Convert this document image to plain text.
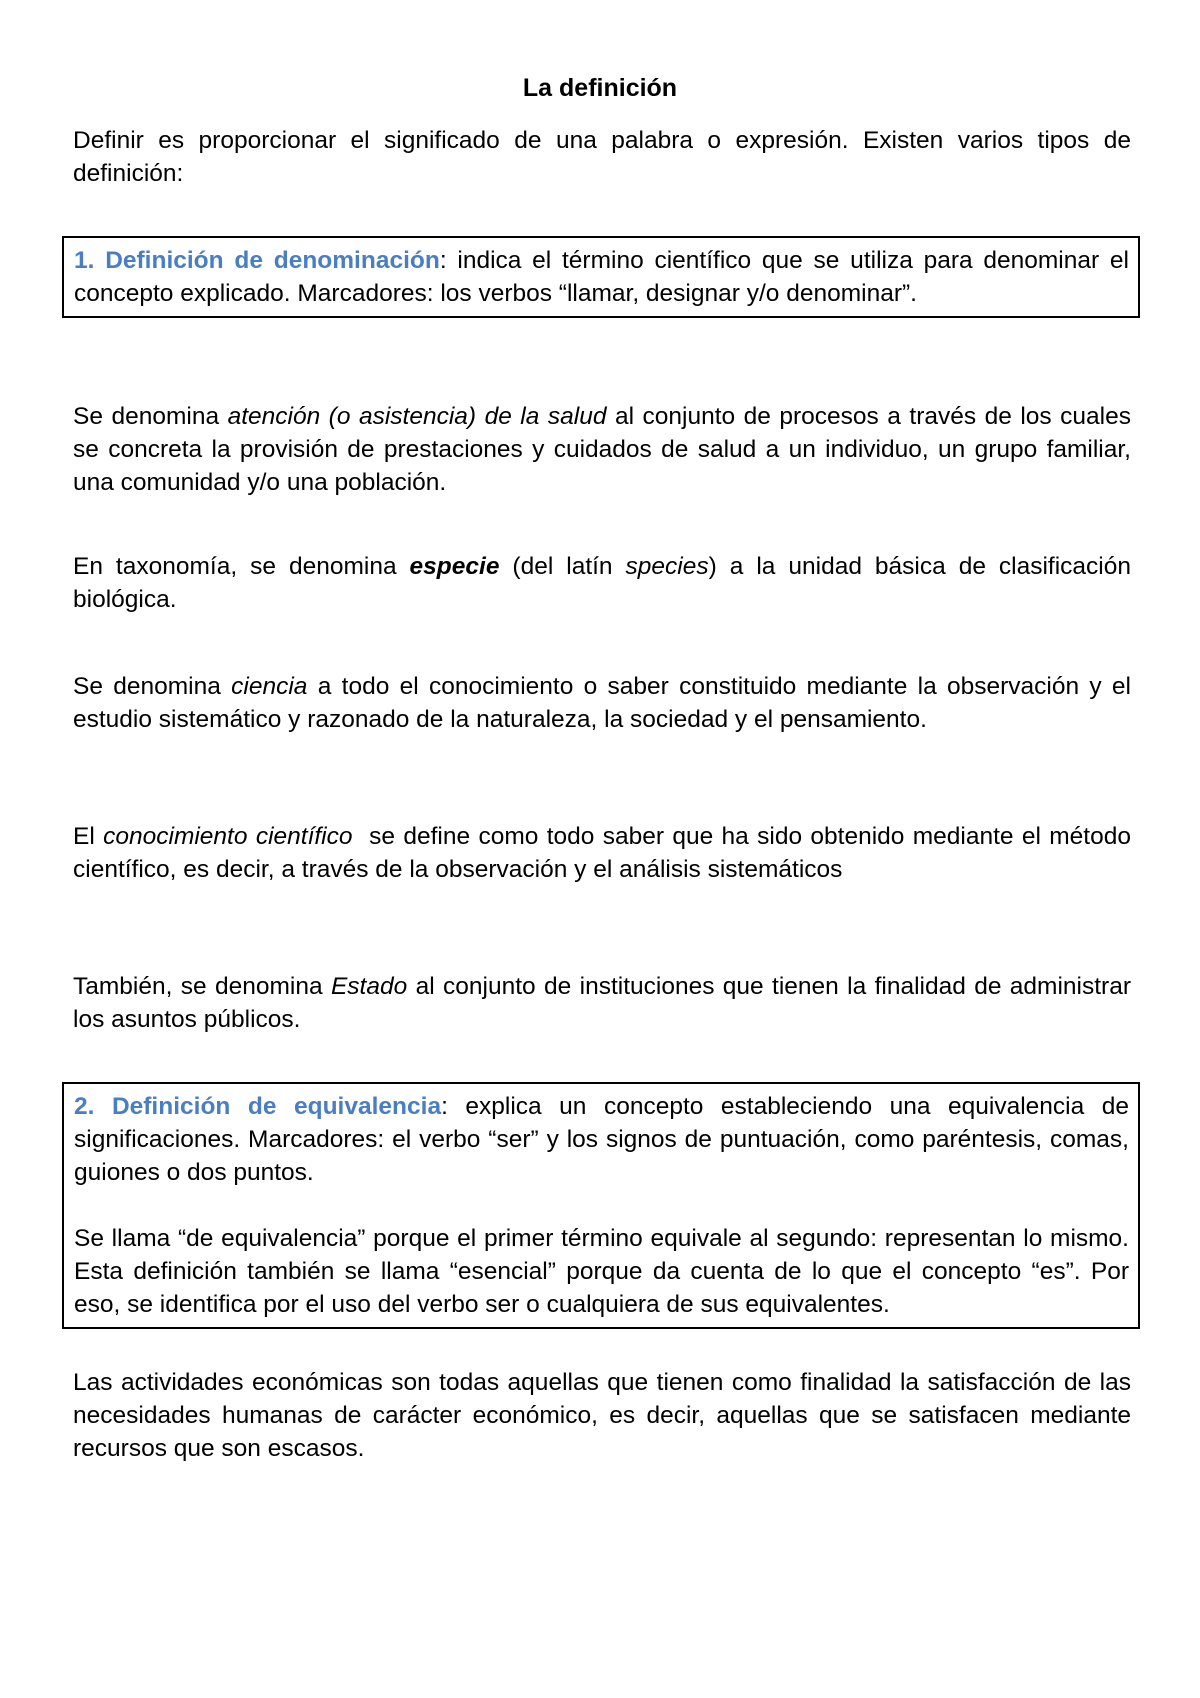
La definición

Definir es proporcionar el significado de una palabra o expresión. Existen varios tipos de definición:

1. Definición de denominación: indica el término científico que se utiliza para denominar el concepto explicado. Marcadores: los verbos “llamar, designar y/o denominar”.

Se denomina atención (o asistencia) de la salud al conjunto de procesos a través de los cuales se concreta la provisión de prestaciones y cuidados de salud a un individuo, un grupo familiar, una comunidad y/o una población.

En taxonomía, se denomina especie (del latín species) a la unidad básica de clasificación biológica.

Se denomina ciencia a todo el conocimiento o saber constituido mediante la observación y el estudio sistemático y razonado de la naturaleza, la sociedad y el pensamiento.

El conocimiento científico  se define como todo saber que ha sido obtenido mediante el método científico, es decir, a través de la observación y el análisis sistemáticos

También, se denomina Estado al conjunto de instituciones que tienen la finalidad de administrar los asuntos públicos.

2. Definición de equivalencia: explica un concepto estableciendo una equivalencia de significaciones. Marcadores: el verbo “ser” y los signos de puntuación, como paréntesis, comas, guiones o dos puntos.

Se llama “de equivalencia” porque el primer término equivale al segundo: representan lo mismo. Esta definición también se llama “esencial” porque da cuenta de lo que el concepto “es”. Por eso, se identifica por el uso del verbo ser o cualquiera de sus equivalentes.

Las actividades económicas son todas aquellas que tienen como finalidad la satisfacción de las necesidades humanas de carácter económico, es decir, aquellas que se satisfacen mediante recursos que son escasos.
